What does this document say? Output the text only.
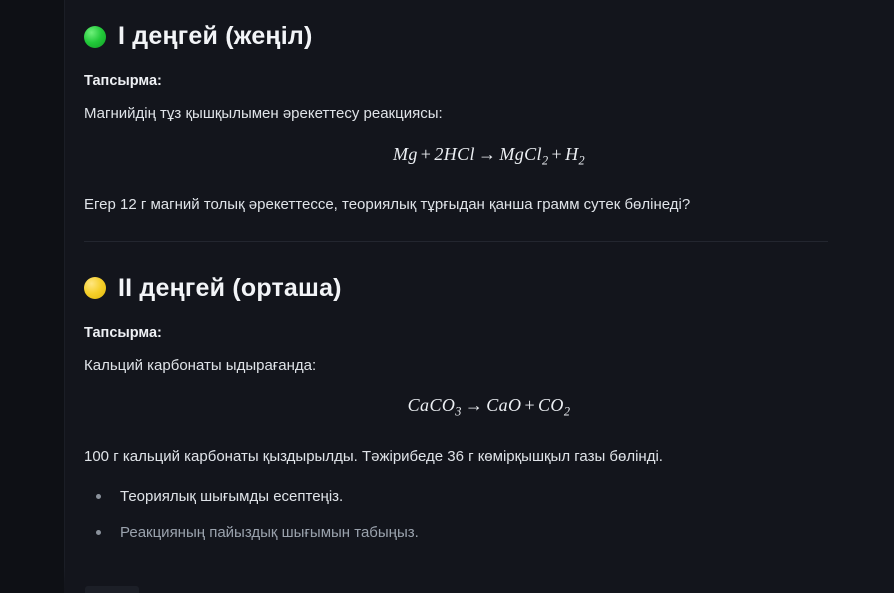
I деңгей (жеңіл)

Тапсырма:

Магнийдің тұз қышқылымен әрекеттесу реакциясы:

Mg + 2HCl → MgCl$_2$ + $H_2$

Егер 12 г магний толық әрекеттессе, теориялық тұрғыдан қанша грамм сутек бөлінеді?

II деңгей (орташа)

Тапсырма:

Кальций карбонаты ыдырағанда:

CaCO$_3$ → CaO + $CO_2$

100 г кальций карбонаты қыздырылды. Тәжірибеде 36 г көмірқышқыл газы бөлінді.

Теориялық шығымды есептеңіз.
Реакцияның пайыздық шығымын табыңыз.
